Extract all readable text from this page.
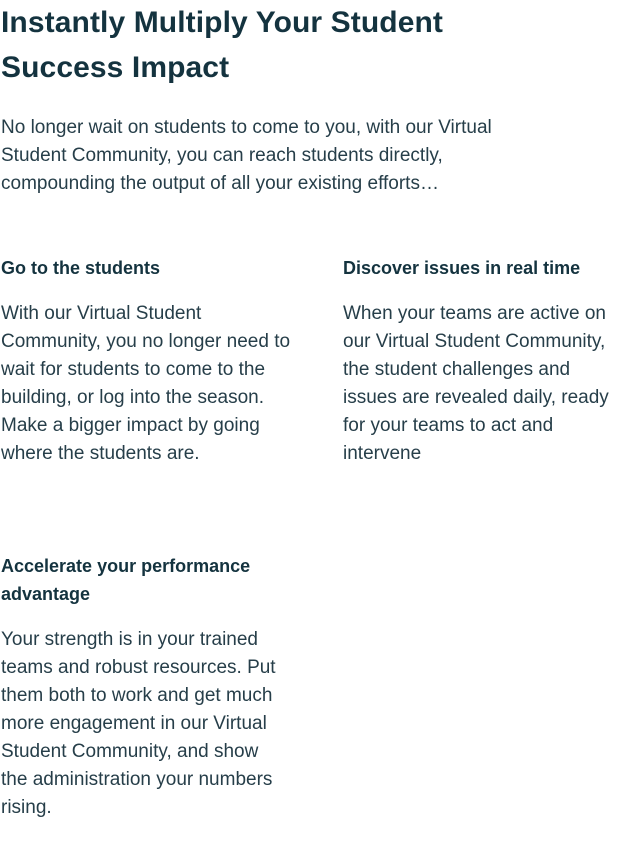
Instantly Multiply Your Student Success Impact

No longer wait on students to come to you, with our Virtual Student Community, you can reach students directly, compounding the output of all your existing efforts…

Go to the students

With our Virtual Student Community, you no longer need to wait for students to come to the building, or log into the season. Make a bigger impact by going where the students are.

Discover issues in real time

When your teams are active on our Virtual Student Community, the student challenges and issues are revealed daily, ready for your teams to act and intervene

Accelerate your performance advantage

Your strength is in your trained teams and robust resources. Put them both to work and get much more engagement in our Virtual Student Community, and show the administration your numbers rising.
